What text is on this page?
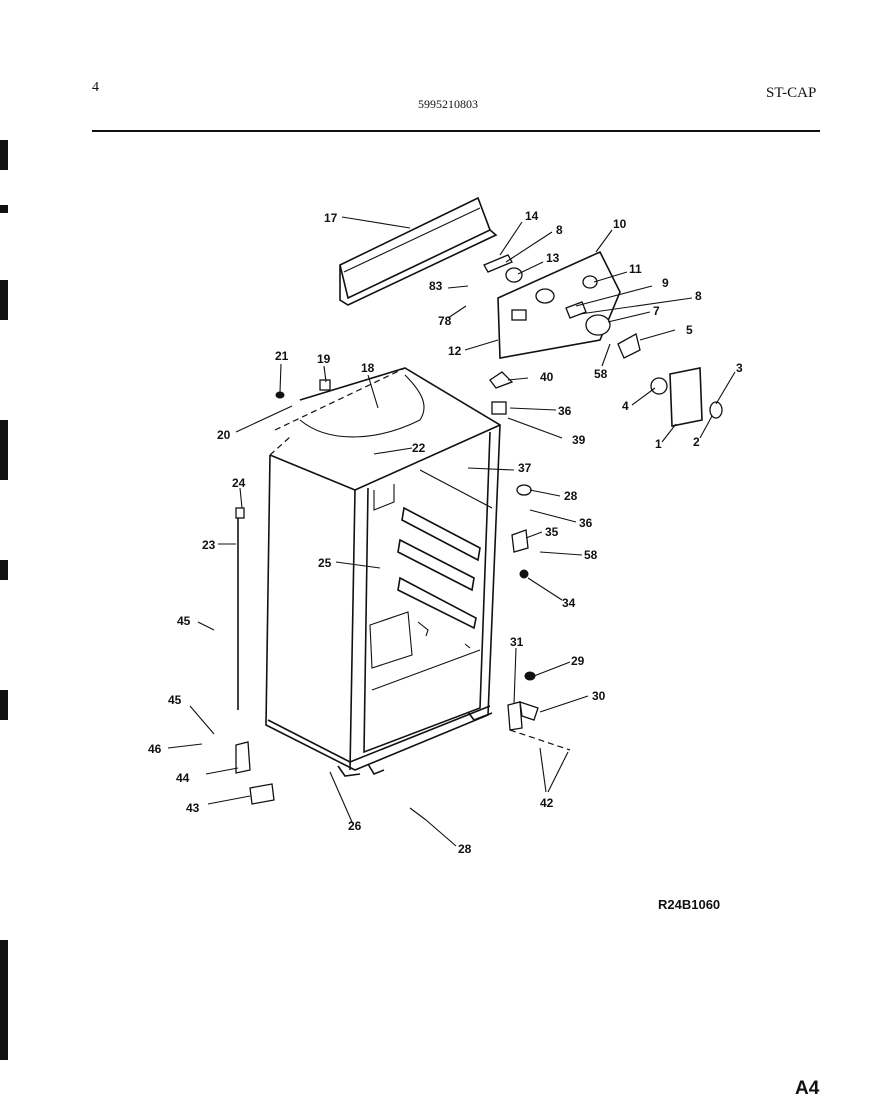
4
5995210803
ST-CAP
17	14
8
13
10
11
9
8
7
5
58	3
4
1	2
83
78
12
40
36
39
37
28
36
35
58
34
31
29
30
42
28
26
43
44
46
45
45
23
24
25
20
21 19
18
22
R24B1060
A4
